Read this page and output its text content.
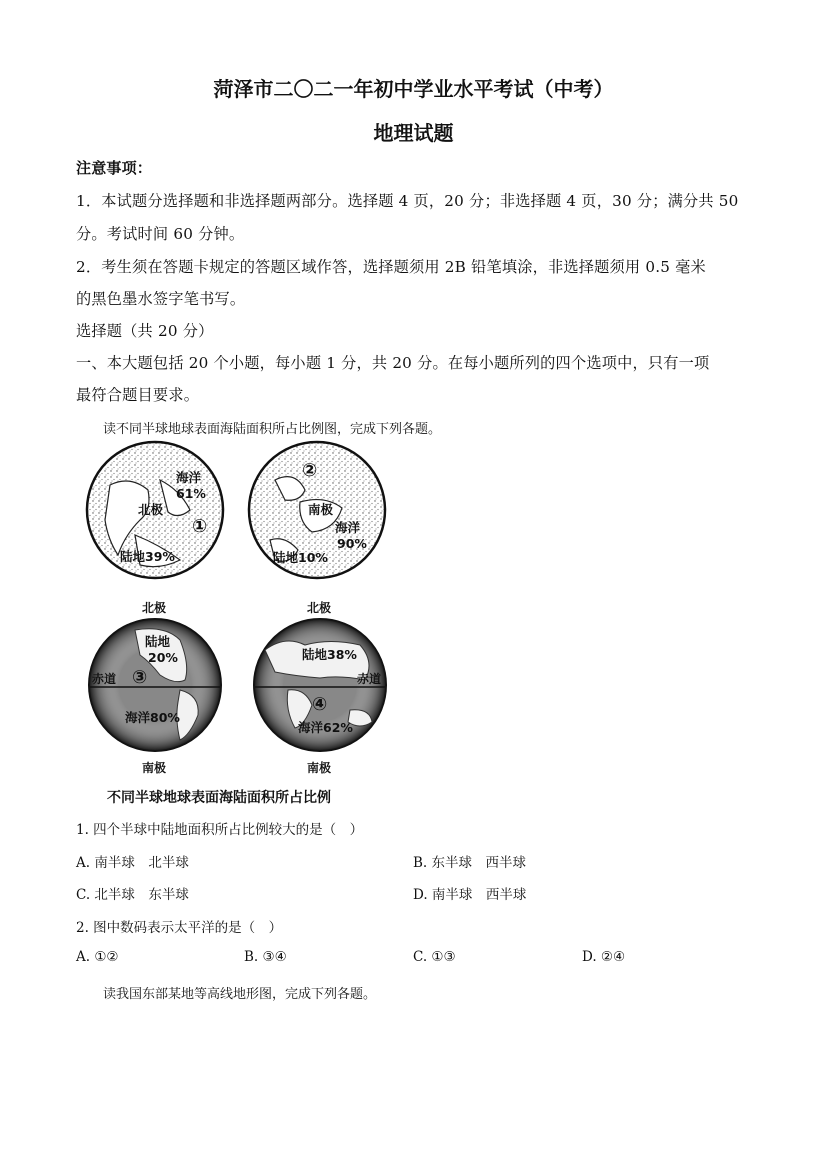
菏泽市二〇二一年初中学业水平考试（中考）
地理试题
注意事项：
1．本试题分选择题和非选择题两部分。选择题 4 页，20 分；非选择题 4 页，30 分；满分共 50
分。考试时间 60 分钟。
2．考生须在答题卡规定的答题区域作答，选择题须用 2B 铅笔填涂，非选择题须用 0.5 毫米
的黑色墨水签字笔书写。
选择题（共 20 分）
一、本大题包括 20 个小题，每小题 1 分，共 20 分。在每小题所列的四个选项中，只有一项
最符合题目要求。
读不同半球地球表面海陆面积所占比例图，完成下列各题。
海洋
61%
北极
①
陆地39%
②
南极
海洋
90%
陆地10%
北极
陆地
20%
赤道 ③
海洋80%
南极
北极
陆地38%
赤道
④
海洋62%
南极
不同半球地球表面海陆面积所占比例
1. 四个半球中陆地面积所占比例较大的是（　）
A. 南半球　北半球	B. 东半球　西半球
C. 北半球　东半球	D. 南半球　西半球
2. 图中数码表示太平洋的是（　）
A. ①②	B. ③④	C. ①③	D. ②④
读我国东部某地等高线地形图，完成下列各题。
